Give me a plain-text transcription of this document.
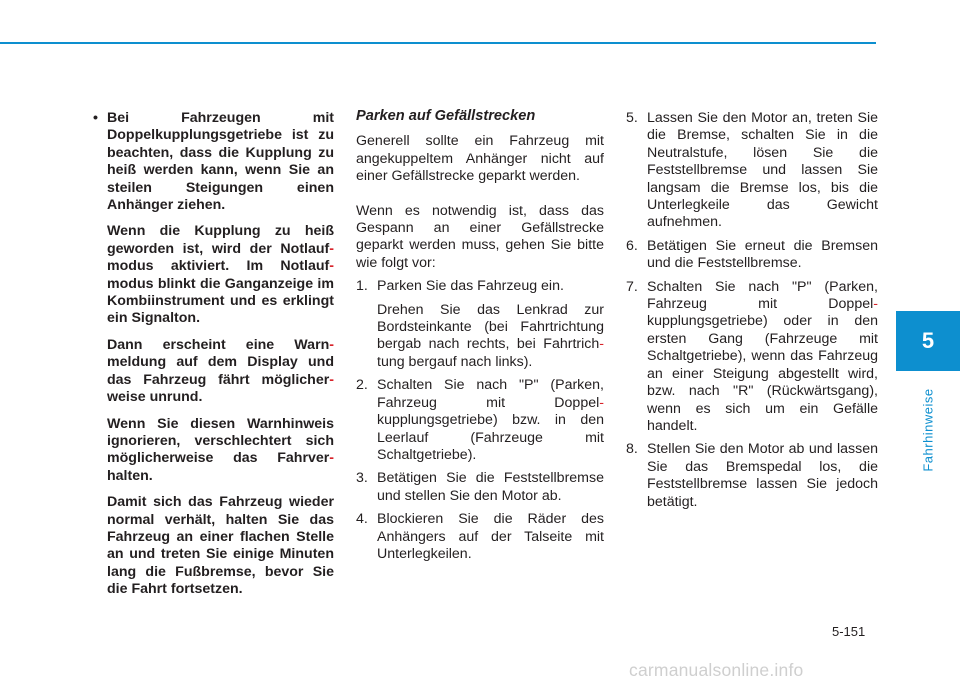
• Bei Fahrzeugen mit Doppelkupplungsgetriebe ist zu beachten, dass die Kupplung zu heiß werden kann, wenn Sie an steilen Steigungen einen Anhänger ziehen.

Wenn die Kupplung zu heiß geworden ist, wird der Notlauf- modus aktiviert. Im Notlauf- modus blinkt die Ganganzeige im Kombiinstrument und es erklingt ein Signalton.

Dann erscheint eine Warn- meldung auf dem Display und das Fahrzeug fährt möglicher- weise unrund.

Wenn Sie diesen Warnhinweis ignorieren, verschlechtert sich möglicherweise das Fahrver- halten.

Damit sich das Fahrzeug wieder normal verhält, halten Sie das Fahrzeug an einer flachen Stelle an und treten Sie einige Minuten lang die Fußbremse, bevor Sie die Fahrt fortsetzen.

Parken auf Gefällstrecken

Generell sollte ein Fahrzeug mit angekuppeltem Anhänger nicht auf einer Gefällstrecke geparkt werden.

Wenn es notwendig ist, dass das Gespann an einer Gefällstrecke geparkt werden muss, gehen Sie bitte wie folgt vor:

1. Parken Sie das Fahrzeug ein.

Drehen Sie das Lenkrad zur Bordsteinkante (bei Fahrtrichtung bergab nach rechts, bei Fahrtrich- tung bergauf nach links).

2. Schalten Sie nach "P" (Parken, Fahrzeug mit Doppel- kupplungsgetriebe) bzw. in den Leerlauf (Fahrzeuge mit Schaltgetriebe).

3. Betätigen Sie die Feststellbremse und stellen Sie den Motor ab.

4. Blockieren Sie die Räder des Anhängers auf der Talseite mit Unterlegkeilen.

5. Lassen Sie den Motor an, treten Sie die Bremse, schalten Sie in die Neutralstufe, lösen Sie die Feststellbremse und lassen Sie langsam die Bremse los, bis die Unterlegkeile das Gewicht aufnehmen.

6. Betätigen Sie erneut die Bremsen und die Feststellbremse.

7. Schalten Sie nach "P" (Parken, Fahrzeug mit Doppel- kupplungsgetriebe) oder in den ersten Gang (Fahrzeuge mit Schaltgetriebe), wenn das Fahrzeug an einer Steigung abgestellt wird, bzw. nach "R" (Rückwärtsgang), wenn es sich um ein Gefälle handelt.

8. Stellen Sie den Motor ab und lassen Sie das Bremspedal los, die Feststellbremse lassen Sie jedoch betätigt.

5
Fahrhinweise
5-151
carmanualsonline.info
